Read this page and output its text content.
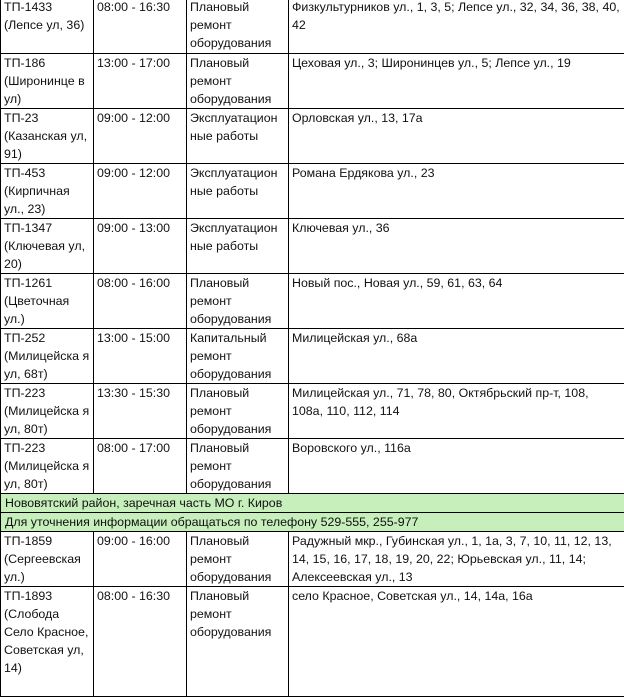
ТП-1433 (Лепсе ул, 36)	08:00 - 16:30	Плановый ремонт оборудования	Физкультурников ул., 1, 3, 5; Лепсе ул., 32, 34, 36, 38, 40, 42
ТП-186 (Широнинце в ул)	13:00 - 17:00	Плановый ремонт оборудования	Цеховая ул., 3; Широнинцев ул., 5; Лепсе ул., 19
ТП-23 (Казанская ул, 91)	09:00 - 12:00	Эксплуатацион ные работы	Орловская ул., 13, 17а
ТП-453 (Кирпичная ул., 23)	09:00 - 12:00	Эксплуатацион ные работы	Романа Ердякова ул., 23
ТП-1347 (Ключевая ул, 20)	09:00 - 13:00	Эксплуатацион ные работы	Ключевая ул., 36
ТП-1261 (Цветочная ул.)	08:00 - 16:00	Плановый ремонт оборудования	Новый пос., Новая ул., 59, 61, 63, 64
ТП-252 (Милицейска я ул, 68т)	13:00 - 15:00	Капитальный ремонт оборудования	Милицейская ул., 68а
ТП-223 (Милицейска я ул, 80т)	13:30 - 15:30	Плановый ремонт оборудования	Милицейская ул., 71, 78, 80, Октябрьский пр-т, 108, 108а, 110, 112, 114
ТП-223 (Милицейска я ул, 80т)	08:00 - 17:00	Плановый ремонт оборудования	Воровского ул., 116а
Нововятский район, заречная часть МО г. Киров			
Для уточнения информации обращаться по телефону 529-555, 255-977			
ТП-1859 (Сергеевская ул.)	09:00 - 16:00	Плановый ремонт оборудования	Радужный мкр., Губинская ул., 1, 1а, 3, 7, 10, 11, 12, 13, 14, 15, 16, 17, 18, 19, 20, 22; Юрьевская ул., 11, 14; Алексеевская ул., 13
ТП-1893 (Слобода Село Красное, Советская ул, 14)	08:00 - 16:30	Плановый ремонт оборудования	село Красное, Советская ул., 14, 14а, 16а
